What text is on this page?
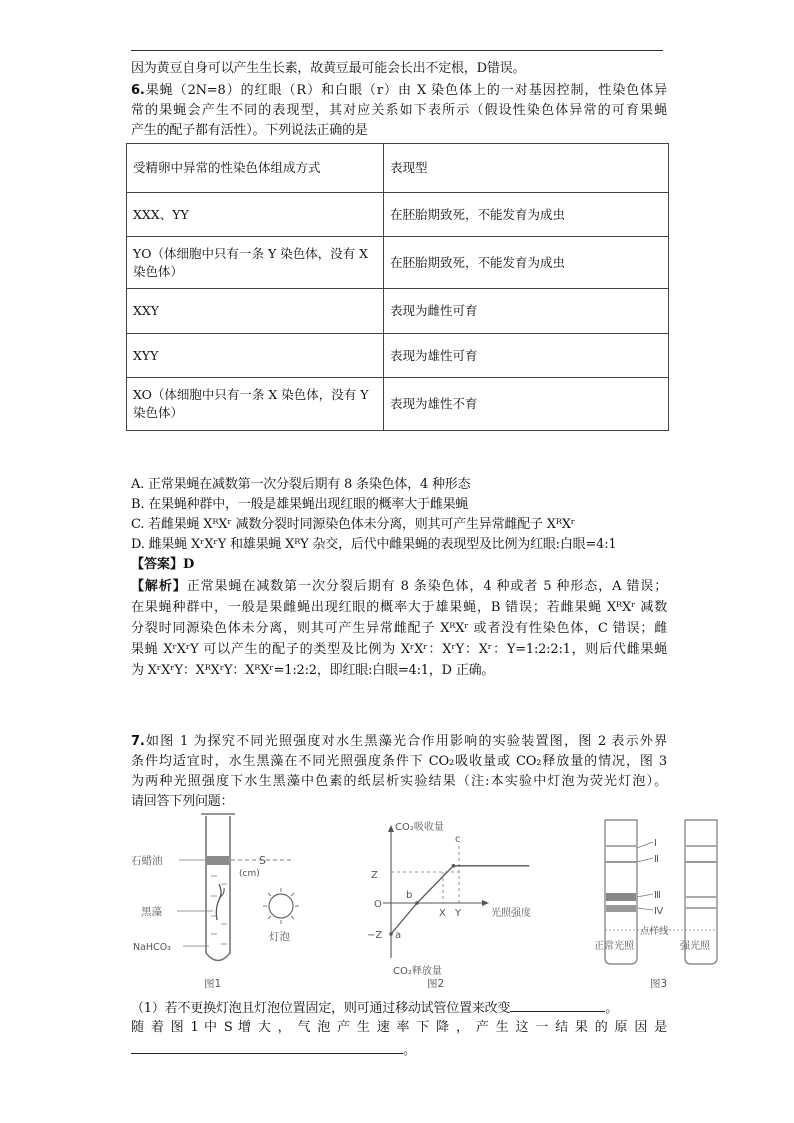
因为黄豆自身可以产生生长素，故黄豆最可能会长出不定根，D错误。
6.果蝇（2N=8）的红眼（R）和白眼（r）由 X 染色体上的一对基因控制，性染色体异
常的果蝇会产生不同的表现型，其对应关系如下表所示（假设性染色体异常的可育果蝇
产生的配子都有活性）。下列说法正确的是
受精卵中异常的性染色体组成方式	表现型
XXX、YY	在胚胎期致死，不能发育为成虫
YO（体细胞中只有一条 Y 染色体，没有 X 染色体）	在胚胎期致死，不能发育为成虫
XXY	表现为雌性可育
XYY	表现为雄性可育
XO（体细胞中只有一条 X 染色体，没有 Y 染色体）	表现为雄性不育
A. 正常果蝇在减数第一次分裂后期有 8 条染色体，4 种形态
B. 在果蝇种群中，一般是雄果蝇出现红眼的概率大于雌果蝇
C. 若雌果蝇 XᴿXʳ 减数分裂时同源染色体未分离，则其可产生异常雌配子 XᴿXʳ
D. 雌果蝇 XʳXʳY 和雄果蝇 XᴿY 杂交，后代中雌果蝇的表现型及比例为红眼:白眼=4:1
【答案】D
【解析】正常果蝇在减数第一次分裂后期有 8 条染色体，4 种或者 5 种形态，A 错误；
在果蝇种群中，一般是果雌蝇出现红眼的概率大于雄果蝇，B 错误；若雌果蝇 XᴿXʳ 减数
分裂时同源染色体未分离，则其可产生异常雌配子 XᴿXʳ 或者没有性染色体，C 错误；雌
果蝇 XʳXʳY 可以产生的配子的类型及比例为 XʳXʳ：XʳY：Xʳ：Y=1:2:2:1，则后代雌果蝇
为 XʳXʳY：XᴿXʳY：XᴿXʳ=1:2:2，即红眼:白眼=4:1，D 正确。
7.如图 1 为探究不同光照强度对水生黑藻光合作用影响的实验装置图，图 2 表示外界
条件均适宜时，水生黑藻在不同光照强度条件下 CO₂吸收量或 CO₂释放量的情况，图 3
为两种光照强度下水生黑藻中色素的纸层析实验结果（注:本实验中灯泡为荧光灯泡）。
请回答下列问题：
石蜡油
黑藻
NaHCO₃
S
(cm)
灯泡
图1
CO₂吸收量
CO₂释放量
光照强度
Z
O
−Z
X Y
a
b
c
图2
Ⅰ
Ⅱ
Ⅲ
Ⅳ
点样线
正常光照	强光照
图3
（1）若不更换灯泡且灯泡位置固定，则可通过移动试管位置来改变	。
随 着 图 1 中 S 增 大 ， 气 泡 产 生 速 率 下 降 ， 产 生 这 一 结 果 的 原 因 是
。
